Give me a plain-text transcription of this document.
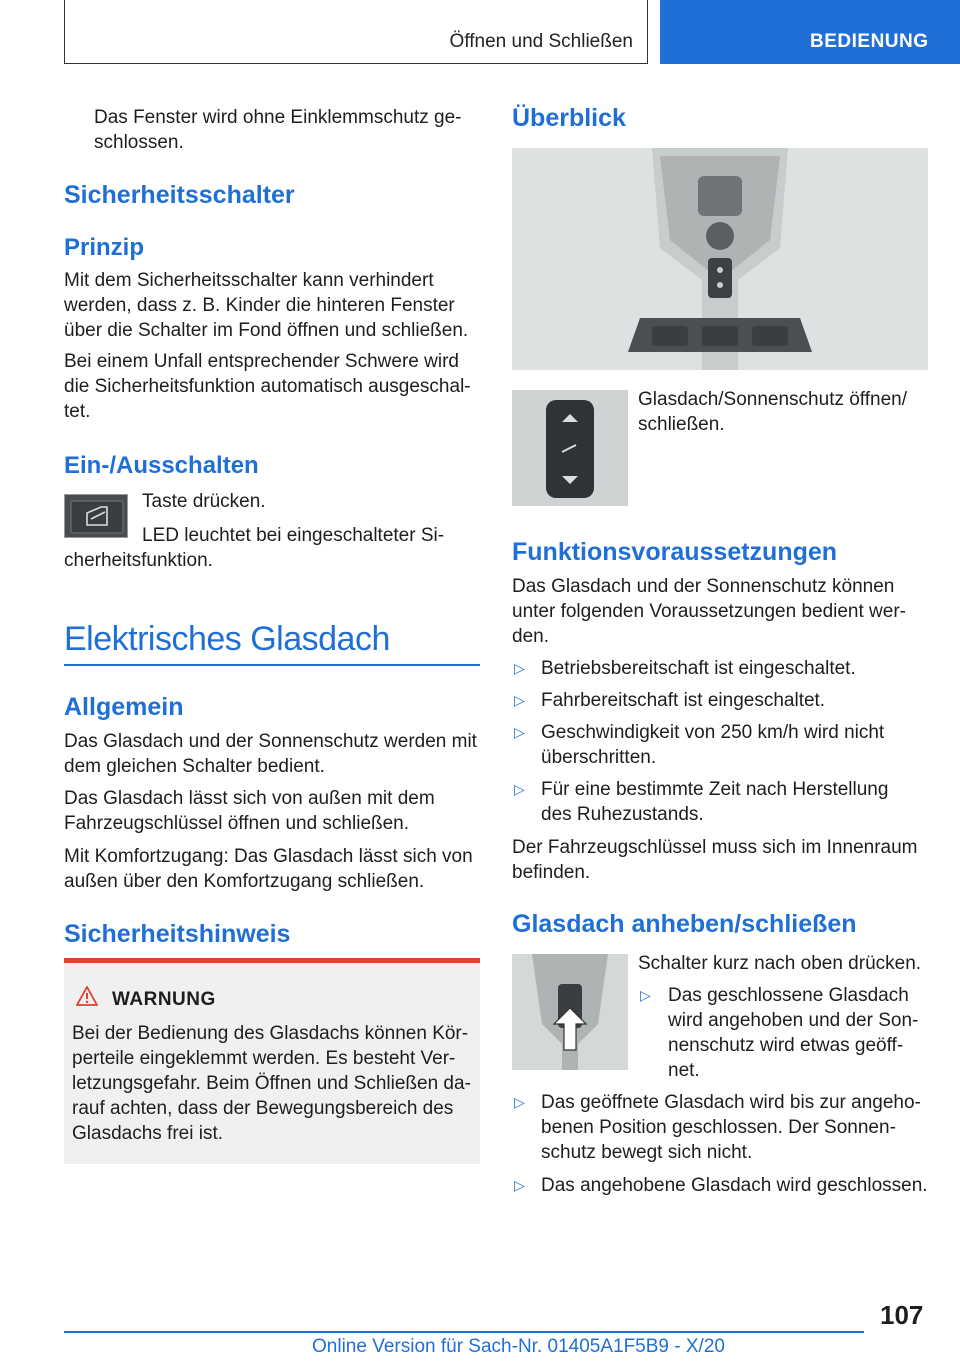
Öffnen und Schließen	BEDIENUNG

Das Fenster wird ohne Einklemmschutz ge-

schlossen.

Sicherheitsschalter

Prinzip

Mit dem Sicherheitsschalter kann verhindert

werden, dass z. B. Kinder die hinteren Fenster

über die Schalter im Fond öffnen und schließen.

Bei einem Unfall entsprechender Schwere wird

die Sicherheitsfunktion automatisch ausgeschal-

tet.

Ein-/Ausschalten

Taste drücken.

LED leuchtet bei eingeschalteter Si-

cherheitsfunktion.

Elektrisches Glasdach

Allgemein

Das Glasdach und der Sonnenschutz werden mit

dem gleichen Schalter bedient.

Das Glasdach lässt sich von außen mit dem

Fahrzeugschlüssel öffnen und schließen.

Mit Komfortzugang: Das Glasdach lässt sich von

außen über den Komfortzugang schließen.

Sicherheitshinweis

WARNUNG

Bei der Bedienung des Glasdachs können Kör-

perteile eingeklemmt werden. Es besteht Ver-

letzungsgefahr. Beim Öffnen und Schließen da-

rauf achten, dass der Bewegungsbereich des

Glasdachs frei ist.

Überblick

Glasdach/Sonnenschutz öffnen/

schließen.

Funktionsvoraussetzungen

Das Glasdach und der Sonnenschutz können

unter folgenden Voraussetzungen bedient wer-

den.

▷ Betriebsbereitschaft ist eingeschaltet.

▷ Fahrbereitschaft ist eingeschaltet.

▷ Geschwindigkeit von 250 km/h wird nicht

überschritten.

▷ Für eine bestimmte Zeit nach Herstellung

des Ruhezustands.

Der Fahrzeugschlüssel muss sich im Innenraum

befinden.

Glasdach anheben/schließen

Schalter kurz nach oben drücken.

▷ Das geschlossene Glasdach

wird angehoben und der Son-

nenschutz wird etwas geöff-

net.

▷ Das geöffnete Glasdach wird bis zur angeho-

benen Position geschlossen. Der Sonnen-

schutz bewegt sich nicht.

▷ Das angehobene Glasdach wird geschlossen.

107

Online Version für Sach-Nr. 01405A1F5B9 - X/20
